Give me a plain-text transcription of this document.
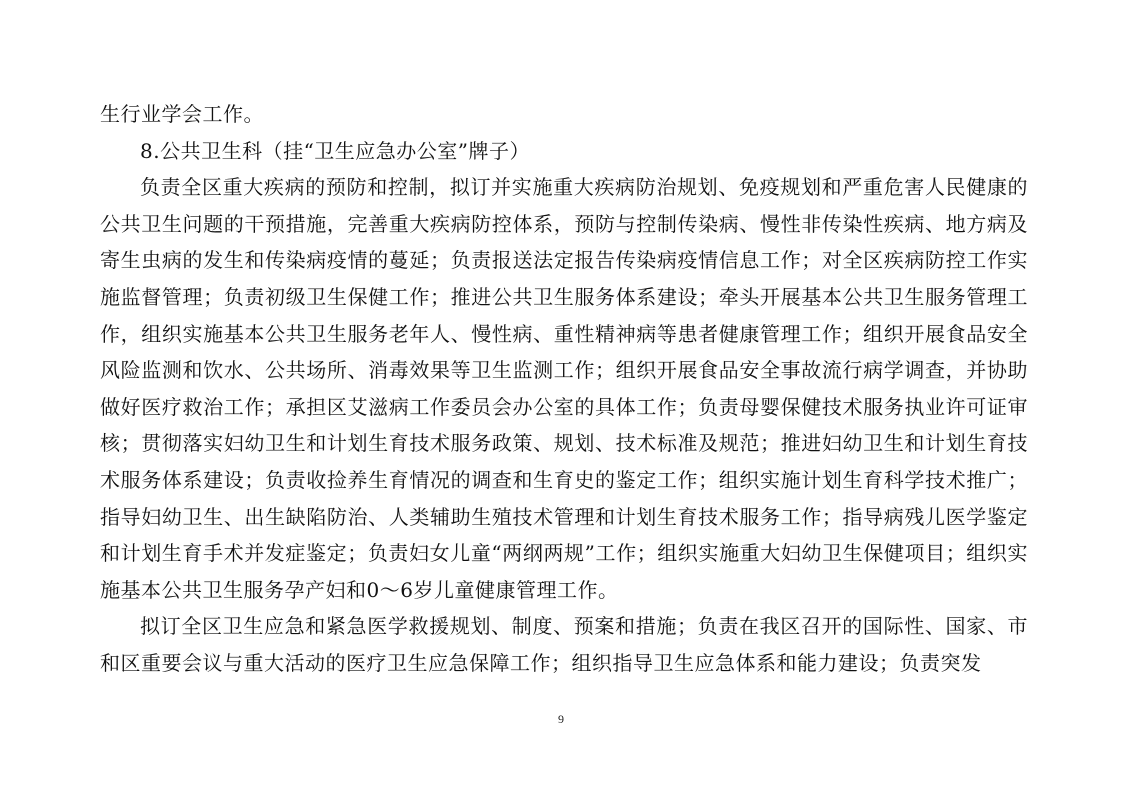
生行业学会工作。

8.公共卫生科（挂“卫生应急办公室”牌子）

负责全区重大疾病的预防和控制，拟订并实施重大疾病防治规划、免疫规划和严重危害人民健康的公共卫生问题的干预措施，完善重大疾病防控体系，预防与控制传染病、慢性非传染性疾病、地方病及寄生虫病的发生和传染病疫情的蔓延；负责报送法定报告传染病疫情信息工作；对全区疾病防控工作实施监督管理；负责初级卫生保健工作；推进公共卫生服务体系建设；牵头开展基本公共卫生服务管理工作，组织实施基本公共卫生服务老年人、慢性病、重性精神病等患者健康管理工作；组织开展食品安全风险监测和饮水、公共场所、消毒效果等卫生监测工作；组织开展食品安全事故流行病学调查，并协助做好医疗救治工作；承担区艾滋病工作委员会办公室的具体工作；负责母婴保健技术服务执业许可证审核；贯彻落实妇幼卫生和计划生育技术服务政策、规划、技术标准及规范；推进妇幼卫生和计划生育技术服务体系建设；负责收捡养生育情况的调查和生育史的鉴定工作；组织实施计划生育科学技术推广；指导妇幼卫生、出生缺陷防治、人类辅助生殖技术管理和计划生育技术服务工作；指导病残儿医学鉴定和计划生育手术并发症鉴定；负责妇女儿童“两纲两规”工作；组织实施重大妇幼卫生保健项目；组织实施基本公共卫生服务孕产妇和0～6岁儿童健康管理工作。

拟订全区卫生应急和紧急医学救援规划、制度、预案和措施；负责在我区召开的国际性、国家、市和区重要会议与重大活动的医疗卫生应急保障工作；组织指导卫生应急体系和能力建设；负责突发

9
